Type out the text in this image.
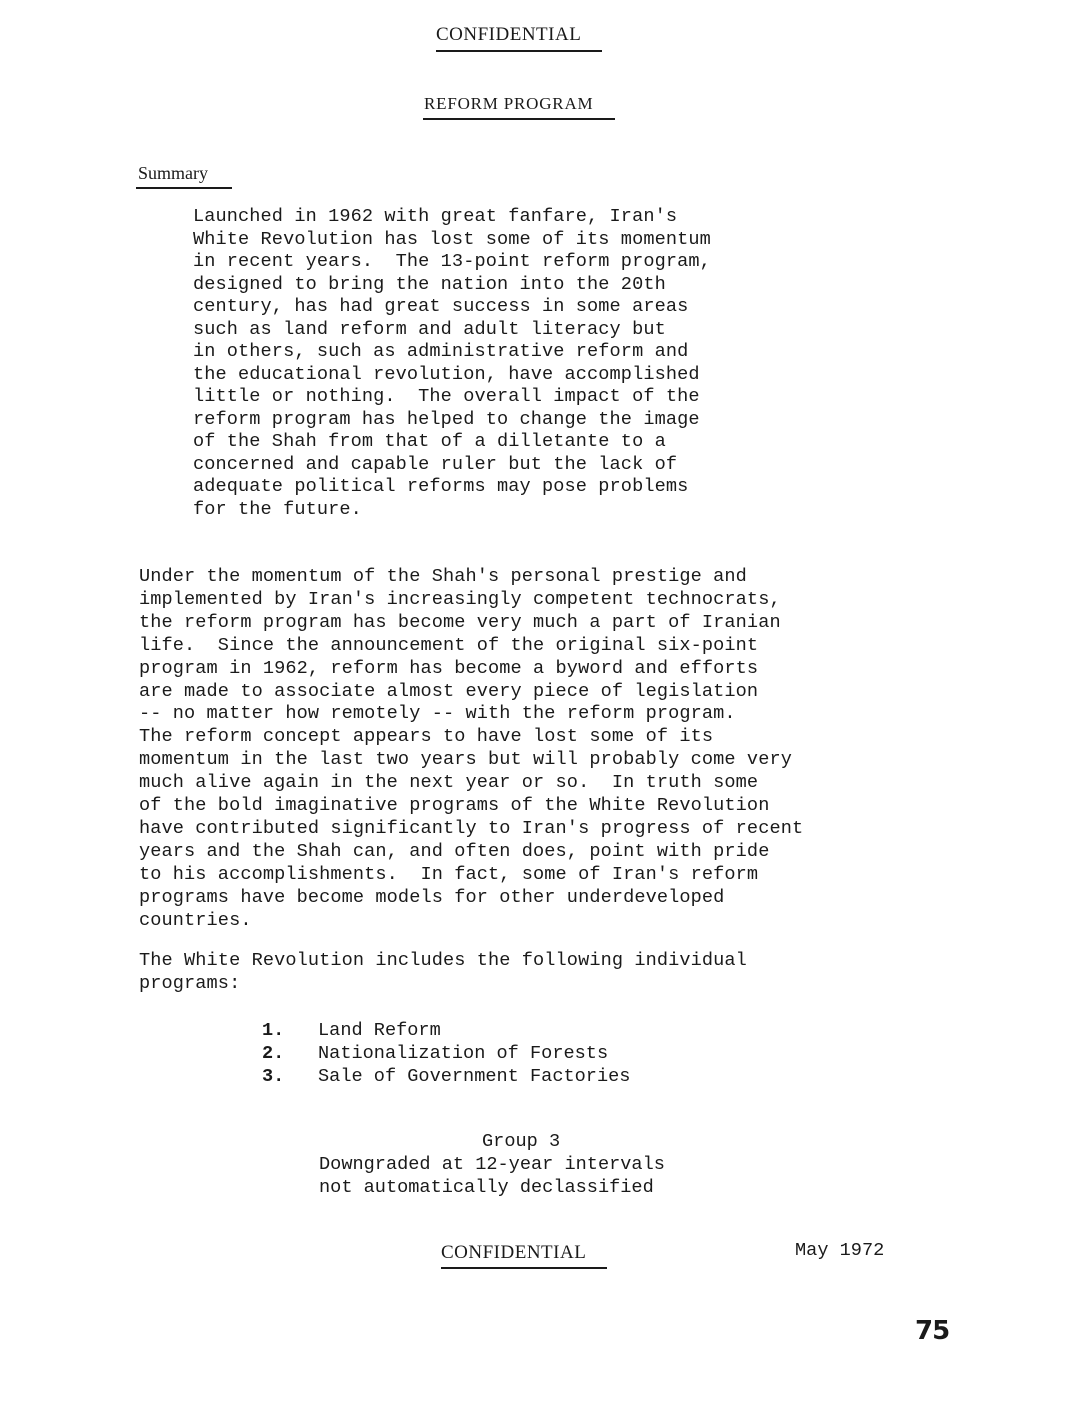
CONFIDENTIAL
REFORM PROGRAM
Summary
Launched in 1962 with great fanfare, Iran's
White Revolution has lost some of its momentum
in recent years.  The 13-point reform program,
designed to bring the nation into the 20th
century, has had great success in some areas
such as land reform and adult literacy but
in others, such as administrative reform and
the educational revolution, have accomplished
little or nothing.  The overall impact of the
reform program has helped to change the image
of the Shah from that of a dilletante to a
concerned and capable ruler but the lack of
adequate political reforms may pose problems
for the future.
Under the momentum of the Shah's personal prestige and
implemented by Iran's increasingly competent technocrats,
the reform program has become very much a part of Iranian
life.  Since the announcement of the original six-point
program in 1962, reform has become a byword and efforts
are made to associate almost every piece of legislation
-- no matter how remotely -- with the reform program.
The reform concept appears to have lost some of its
momentum in the last two years but will probably come very
much alive again in the next year or so.  In truth some
of the bold imaginative programs of the White Revolution
have contributed significantly to Iran's progress of recent
years and the Shah can, and often does, point with pride
to his accomplishments.  In fact, some of Iran's reform
programs have become models for other underdeveloped
countries.
The White Revolution includes the following individual
programs:
1. Land Reform
2. Nationalization of Forests
3. Sale of Government Factories
Group 3
Downgraded at 12-year intervals
not automatically declassified
CONFIDENTIAL	May 1972
75
